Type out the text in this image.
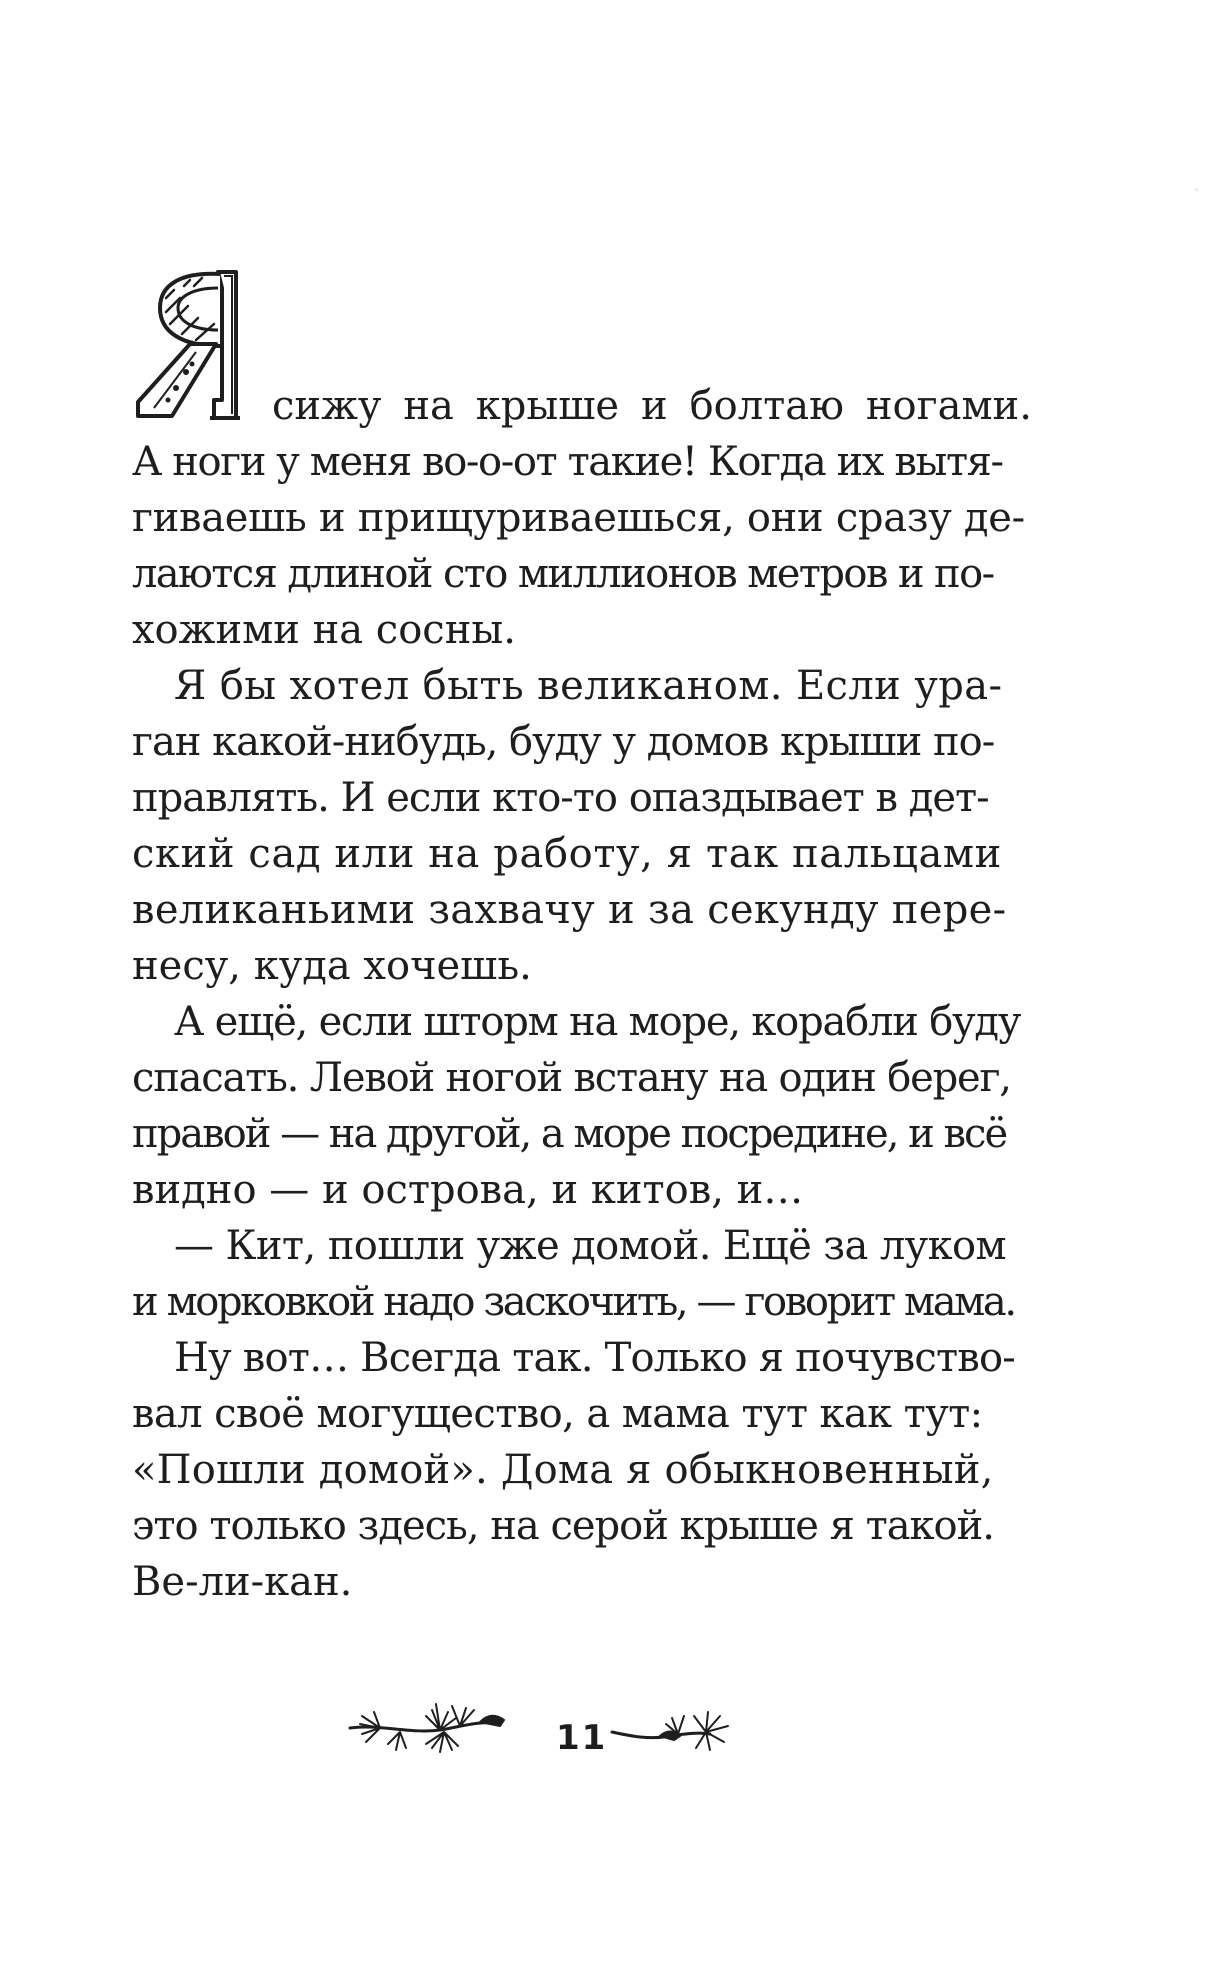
сижу на крыше и болтаю ногами.
А ноги у меня во-о-от такие! Когда их вытя-
гиваешь и прищуриваешься, они сразу де-
лаются длиной сто миллионов метров и по-
хожими на сосны.
Я бы хотел быть великаном. Если ура-
ган какой-нибудь, буду у домов крыши по-
правлять. И если кто-то опаздывает в дет-
ский сад или на работу, я так пальцами
великаньими захвачу и за секунду пере-
несу, куда хочешь.
А ещё, если шторм на море, корабли буду
спасать. Левой ногой встану на один берег,
правой — на другой, а море посредине, и всё
видно — и острова, и китов, и…
— Кит, пошли уже домой. Ещё за луком
и морковкой надо заскочить, — говорит мама.
Ну вот… Всегда так. Только я почувство-
вал своё могущество, а мама тут как тут:
«Пошли домой». Дома я обыкновенный,
это только здесь, на серой крыше я такой.
Ве-ли-кан.
11
